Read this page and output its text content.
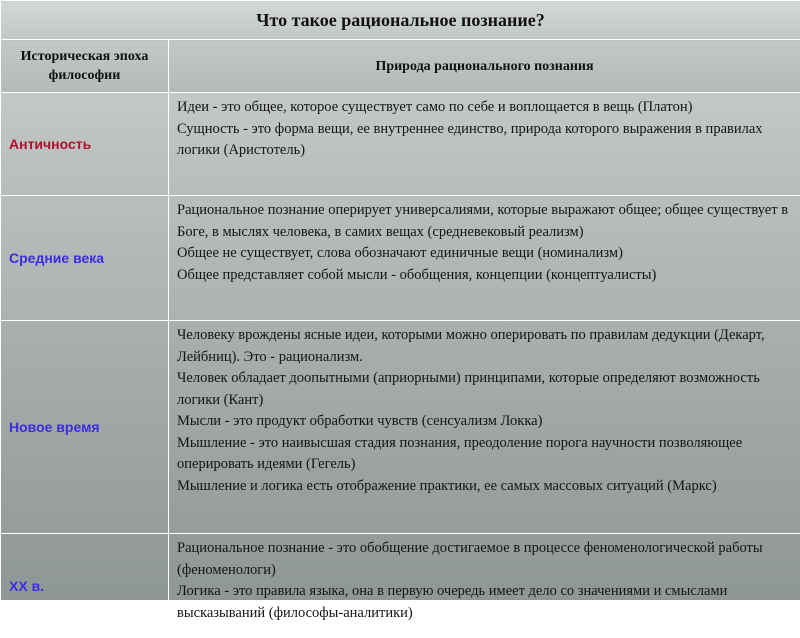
Что такое рациональное познание?	
Историческая эпоха философии	Природа рационального познания
Античность	Идеи - это общее, которое существует само по себе и воплощается в вещь (Платон)

Сущность - это форма вещи, ее внутреннее единство, природа которого выражения в правилах логики (Аристотель)

Средние века	Рациональное познание оперирует универсалиями, которые выражают общее; общее существует в Боге, в мыслях человека, в самих вещах (средневековый реализм)

Общее не существует, слова обозначают единичные вещи (номинализм)

Общее представляет собой мысли - обобщения, концепции (концептуалисты)

Новое время	Человеку врождены ясные идеи, которыми можно оперировать по правилам дедукции (Декарт, Лейбниц). Это - рационализм.

Человек обладает доопытными (априорными) принципами, которые определяют возможность логики (Кант)

Мысли - это продукт обработки чувств (сенсуализм Локка)

Мышление - это наивысшая стадия познания, преодоление порога научности позволяющее оперировать идеями (Гегель)

Мышление и логика есть отображение практики, ее самых массовых ситуаций (Маркс)

XX в.	Рациональное познание - это обобщение достигаемое в процессе феноменологической работы (феноменологи)

Логика - это правила языка, она в первую очередь имеет дело со значениями и смыслами высказываний (философы-аналитики)
